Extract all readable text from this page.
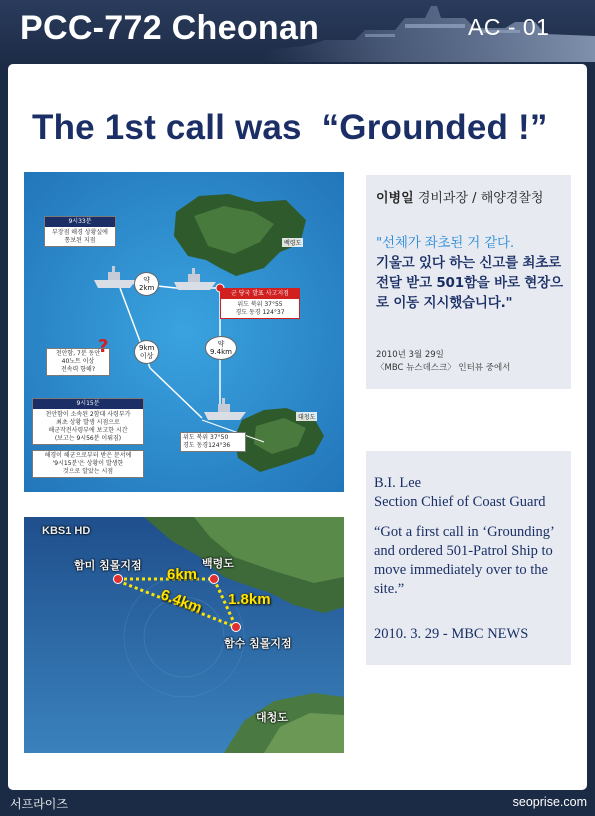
PCC-772 Cheonan	AC - 01
The 1st call was  “Grounded !”
9시33분
부장점 해경 상황실에
통보된 지점
군 당국 발표 사고지점
위도 북위 37°55
경도 동경 124°37
약
2km
9km
이상
약
9.4km
천안함, 7분 동안
40노트 이상
전속력 항해?
?
9시15분
천안함이 소속된 2함대 사령부가
최초 상황 발생 시점으로
해군작전사령부에 보고한 시간
(보고는 9시56분 이뤄짐)
해경이 해군으로부터 받은 문서에
'9시15분'은 상황이 발생한
것으로 알았는 시점
위도 북위 37°50
경도 동경124°36
백령도
대청도
KBS1 HD
함미 침몰지점	백령도
함수 침몰지점
대청도
6km
6.4km 1.8km
이병일 경비과장 / 해양경찰청
"선체가 좌초된 거 같다.
기울고 있다 하는 신고를 최초로 전달 받고 501함을 바로 현장으로 이동 지시했습니다."
2010년 3월 29일
〈MBC 뉴스데스크〉 인터뷰 중에서
B.I. Lee
Section Chief of Coast Guard
“Got a first call in ‘Grounding’ and ordered 501-Patrol Ship to move immediately over to the site.”
2010. 3. 29 - MBC NEWS
서프라이즈	seoprise.com
